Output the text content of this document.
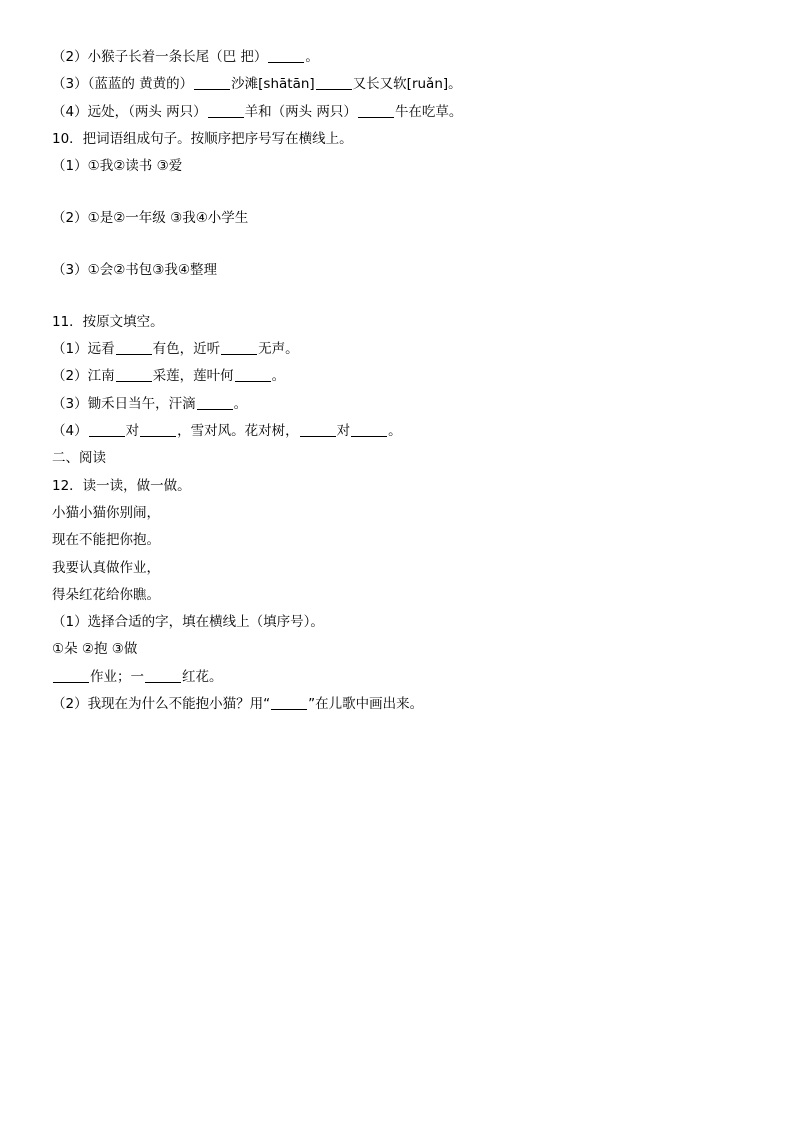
（2）小猴子长着一条长尾（巴 把）	。
（3）（蓝蓝的 黄黄的）	沙滩[shātān]	又长又软[ruǎn]。
（4）远处，（两头 两只）	羊和（两头 两只）	牛在吃草。
10．把词语组成句子。按顺序把序号写在横线上。
（1）①我②读书 ③爱
（2）①是②一年级 ③我④小学生
（3）①会②书包③我④整理
11．按原文填空。
（1）远看	有色，近听	无声。
（2）江南	采莲，莲叶何	。
（3）锄禾日当午，汗滴	。
（4）	对	，雪对风。花对树，	对	。
二、阅读
12．读一读，做一做。
小猫小猫你别闹，
现在不能把你抱。
我要认真做作业，
得朵红花给你瞧。
（1）选择合适的字，填在横线上（填序号）。
①朵 ②抱 ③做
作业；一	红花。
（2）我现在为什么不能抱小猫？用“	”在儿歌中画出来。
